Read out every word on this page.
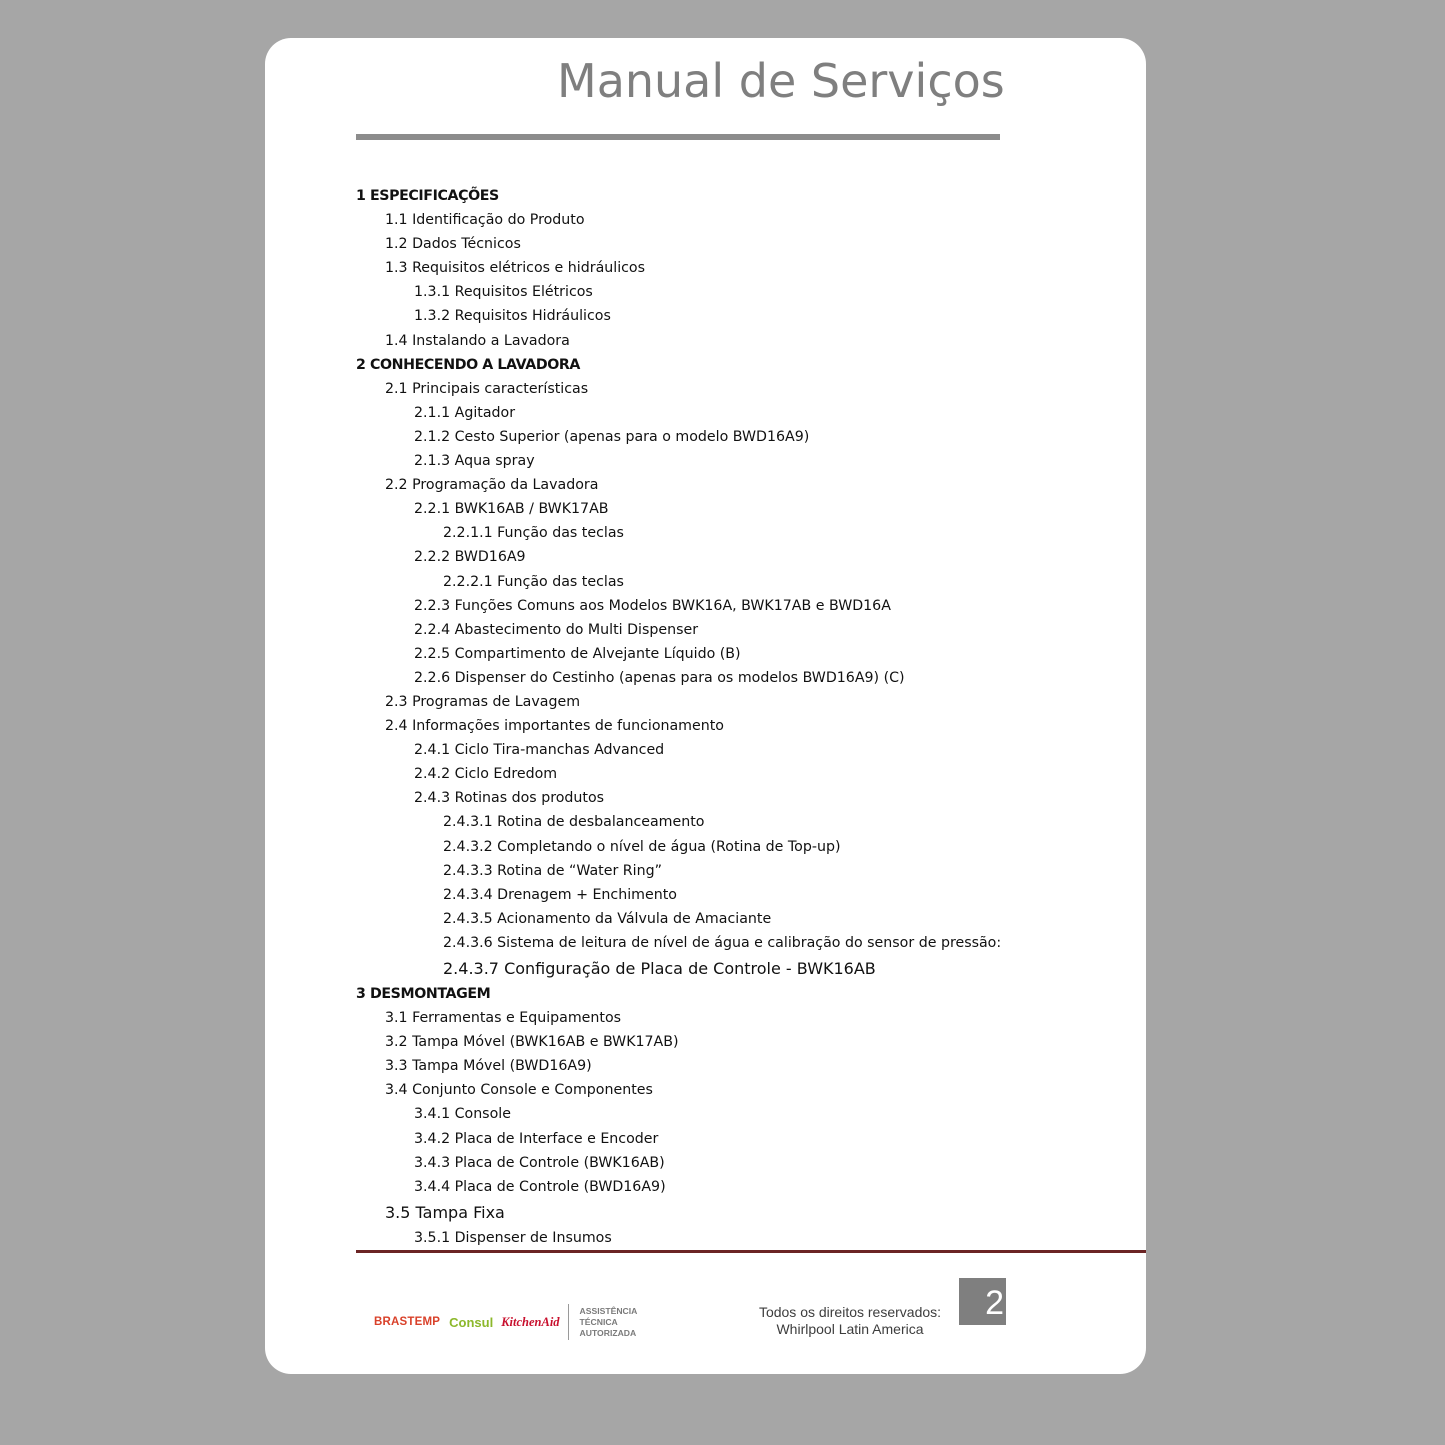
Manual de Serviços
1 ESPECIFICAÇÕES
1.1 Identificação do Produto
1.2 Dados Técnicos
1.3 Requisitos elétricos e hidráulicos
1.3.1 Requisitos Elétricos
1.3.2 Requisitos Hidráulicos
1.4 Instalando a Lavadora
2 CONHECENDO A LAVADORA
2.1 Principais características
2.1.1 Agitador
2.1.2 Cesto Superior (apenas para o modelo BWD16A9)
2.1.3 Aqua spray
2.2 Programação da Lavadora
2.2.1 BWK16AB / BWK17AB
2.2.1.1 Função das teclas
2.2.2 BWD16A9
2.2.2.1 Função das teclas
2.2.3 Funções Comuns aos Modelos BWK16A, BWK17AB e BWD16A
2.2.4 Abastecimento do Multi Dispenser
2.2.5 Compartimento de Alvejante Líquido (B)
2.2.6 Dispenser do Cestinho (apenas para os modelos BWD16A9) (C)
2.3 Programas de Lavagem
2.4 Informações importantes de funcionamento
2.4.1 Ciclo Tira-manchas Advanced
2.4.2 Ciclo Edredom
2.4.3 Rotinas dos produtos
2.4.3.1 Rotina de desbalanceamento
2.4.3.2 Completando o nível de água (Rotina de Top-up)
2.4.3.3 Rotina de “Water Ring”
2.4.3.4 Drenagem + Enchimento
2.4.3.5 Acionamento da Válvula de Amaciante
2.4.3.6 Sistema de leitura de nível de água e calibração do sensor de pressão:
2.4.3.7 Configuração de Placa de Controle - BWK16AB
3 DESMONTAGEM
3.1 Ferramentas e Equipamentos
3.2 Tampa Móvel (BWK16AB e BWK17AB)
3.3 Tampa Móvel (BWD16A9)
3.4 Conjunto Console e Componentes
3.4.1 Console
3.4.2 Placa de Interface e Encoder
3.4.3 Placa de Controle (BWK16AB)
3.4.4 Placa de Controle (BWD16A9)
3.5 Tampa Fixa
3.5.1 Dispenser de Insumos
BRASTEMP Consul KitchenAid
ASSISTÊNCIA
TÉCNICA
AUTORIZADA
Todos os direitos reservados:
Whirlpool Latin America
2
